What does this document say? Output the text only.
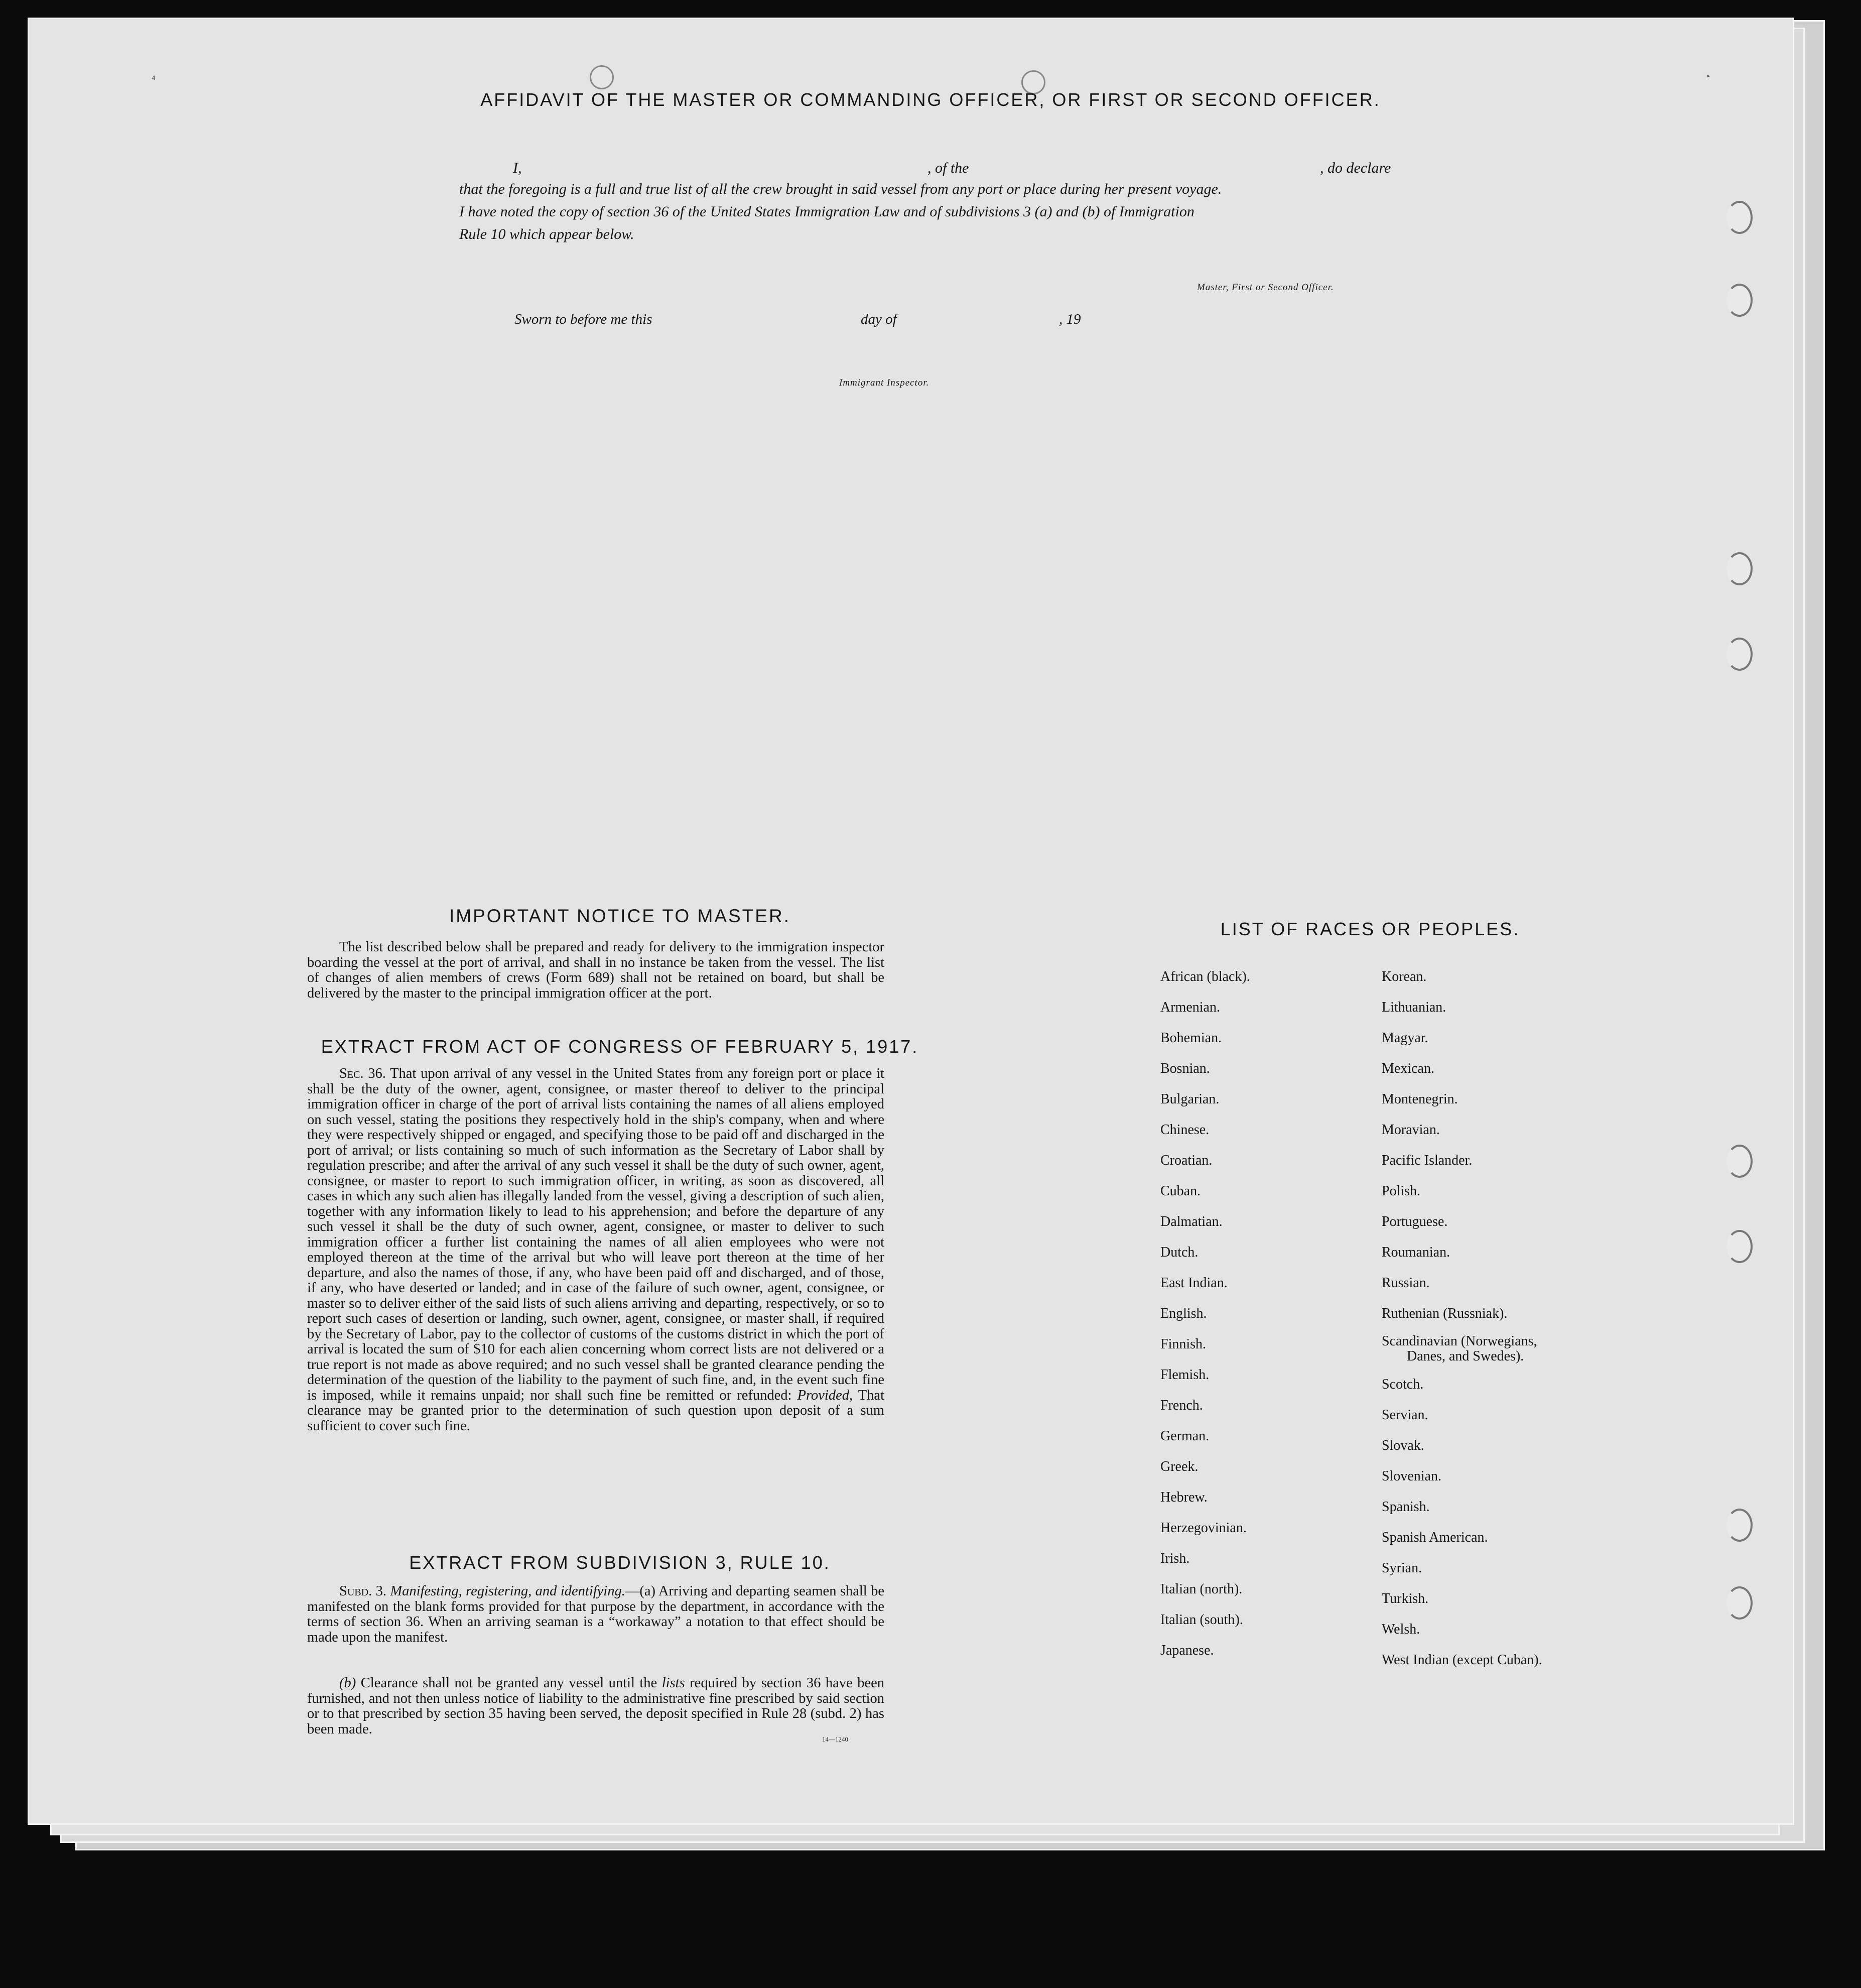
AFFIDAVIT OF THE MASTER OR COMMANDING OFFICER, OR FIRST OR SECOND OFFICER.
I,	, of the	, do declare
that the foregoing is a full and true list of all the crew brought in said vessel from any port or place during her present voyage.
I have noted the copy of section 36 of the United States Immigration Law and of subdivisions 3 (a) and (b) of Immigration
Rule 10 which appear below.
Master, First or Second Officer.
Sworn to before me this	day of	, 19
Immigrant Inspector.
IMPORTANT NOTICE TO MASTER.
The list described below shall be prepared and ready for delivery to the immigration inspector boarding the vessel at the port of arrival, and shall in no instance be taken from the vessel. The list of changes of alien members of crews (Form 689) shall not be retained on board, but shall be delivered by the master to the principal immigration officer at the port.
EXTRACT FROM ACT OF CONGRESS OF FEBRUARY 5, 1917.
Sec. 36. That upon arrival of any vessel in the United States from any foreign port or place it shall be the duty of the owner, agent, consignee, or master thereof to deliver to the principal immigration officer in charge of the port of arrival lists containing the names of all aliens employed on such vessel, stating the positions they respectively hold in the ship's company, when and where they were respectively shipped or engaged, and specifying those to be paid off and discharged in the port of arrival; or lists containing so much of such information as the Secretary of Labor shall by regulation prescribe; and after the arrival of any such vessel it shall be the duty of such owner, agent, consignee, or master to report to such immigration officer, in writing, as soon as discovered, all cases in which any such alien has illegally landed from the vessel, giving a description of such alien, together with any information likely to lead to his apprehension; and before the departure of any such vessel it shall be the duty of such owner, agent, consignee, or master to deliver to such immigration officer a further list containing the names of all alien employees who were not employed thereon at the time of the arrival but who will leave port thereon at the time of her departure, and also the names of those, if any, who have been paid off and discharged, and of those, if any, who have deserted or landed; and in case of the failure of such owner, agent, consignee, or master so to deliver either of the said lists of such aliens arriving and departing, respectively, or so to report such cases of desertion or landing, such owner, agent, consignee, or master shall, if required by the Secretary of Labor, pay to the collector of customs of the customs district in which the port of arrival is located the sum of $10 for each alien concerning whom correct lists are not delivered or a true report is not made as above required; and no such vessel shall be granted clearance pending the determination of the question of the liability to the payment of such fine, and, in the event such fine is imposed, while it remains unpaid; nor shall such fine be remitted or refunded: Provided, That clearance may be granted prior to the determination of such question upon deposit of a sum sufficient to cover such fine.
EXTRACT FROM SUBDIVISION 3, RULE 10.
Subd. 3. Manifesting, registering, and identifying.—(a) Arriving and departing seamen shall be manifested on the blank forms provided for that purpose by the department, in accordance with the terms of section 36. When an arriving seaman is a “workaway” a notation to that effect should be made upon the manifest.
(b) Clearance shall not be granted any vessel until the lists required by section 36 have been furnished, and not then unless notice of liability to the administrative fine prescribed by said section or to that prescribed by section 35 having been served, the deposit specified in Rule 28 (subd. 2) has been made.
14—1240
LIST OF RACES OR PEOPLES.
African (black).
Armenian.
Bohemian.
Bosnian.
Bulgarian.
Chinese.
Croatian.
Cuban.
Dalmatian.
Dutch.
East Indian.
English.
Finnish.
Flemish.
French.
German.
Greek.
Hebrew.
Herzegovinian.
Irish.
Italian (north).
Italian (south).
Japanese.
Korean.
Lithuanian.
Magyar.
Mexican.
Montenegrin.
Moravian.
Pacific Islander.
Polish.
Portuguese.
Roumanian.
Russian.
Ruthenian (Russniak).
Scandinavian (Norwegians,
Danes, and Swedes).
Scotch.
Servian.
Slovak.
Slovenian.
Spanish.
Spanish American.
Syrian.
Turkish.
Welsh.
West Indian (except Cuban).
⁴	◔
